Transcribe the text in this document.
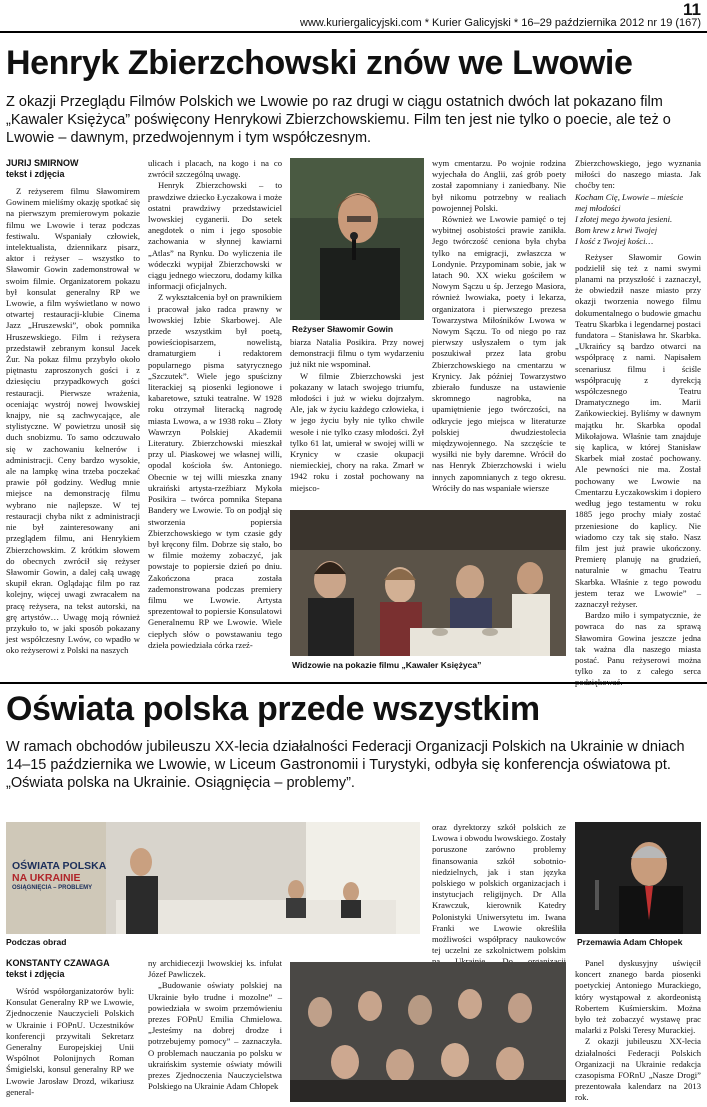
11
www.kuriergalicyjski.com * Kurier Galicyjski * 16–29 października 2012 nr 19 (167)
Henryk Zbierzchowski znów we Lwowie
Z okazji Przeglądu Filmów Polskich we Lwowie po raz drugi w ciągu ostatnich dwóch lat pokazano film „Kawaler Księżyca” poświęcony Henrykowi Zbierzchowskiemu. Film ten jest nie tylko o poecie, ale też o Lwowie – dawnym, przedwojennym i tym współczesnym.
JURIJ SMIRNOW
tekst i zdjęcia

Z reżyserem filmu Sławomirem Gowinem mieliśmy okazję spotkać się na pierwszym premierowym pokazie filmu we Lwowie i teraz podczas festiwalu. Wspaniały człowiek, intelektualista, dziennikarz pisarz, aktor i reżyser – wszystko to Sławomir Gowin zademonstrował w swoim filmie. Organizatorem pokazu był konsulat generalny RP we Lwowie, a film wyświetlano w nowo otwartej restauracji-klubie Cinema Jazz „Hruszewski”, obok pomnika Hruszewskiego. Film i reżysera przedstawił zebranym konsul Jacek Żur. Na pokaz filmu przybyło około piętnastu zaproszonych gości i z dziesięciu przypadkowych gości restauracji. Pierwsze wrażenia, oceniając wystrój nowej lwowskiej knajpy, nie są zachwycające, ale stylistyczne. W powietrzu unosił się duch snobizmu. To samo odczuwało się w zachowaniu kelnerów i administracji. Ceny bardzo wysokie, ale na lampkę wina trzeba poczekać prawie pół godziny. Według mnie miejsce na demonstrację filmu wybrano nie najlepsze. W tej restauracji chyba nikt z administracji nie był zainteresowany ani przeglądem filmu, ani Henrykiem Zbierzchowskim. Z krótkim słowem do obecnych zwrócił się reżyser Sławomir Gowin, a dalej całą uwagę skupił ekran. Oglądając film po raz kolejny, więcej uwagi zwracałem na pracę reżysera, na tekst autorski, na grę artystów… Uwagę moją również przykuło to, w jaki sposób pokazany jest współczesny Lwów, co wpadło w oko reżyserowi z Polski na naszych

ulicach i placach, na kogo i na co zwrócił szczególną uwagę.

Henryk Zbierzchowski – to prawdziwe dziecko Łyczakowa i może ostatni prawdziwy przedstawiciel lwowskiej cyganerii. Do setek anegdotek o nim i jego sposobie zachowania w słynnej kawiarni „Atlas” na Rynku. Do wyliczenia ile wódeczki wypijał Zbierzchowski w ciągu jednego wieczoru, dodamy kilka informacji oficjalnych.

Z wykształcenia był on prawnikiem i pracował jako radca prawny w lwowskiej Izbie Skarbowej. Ale przede wszystkim był poetą, powieściopisarzem, nowelistą, dramaturgiem i redaktorem popularnego pisma satyrycznego „Szczutek”. Wiele jego spuścizny literackiej są piosenki legionowe i kabaretowe, sztuki teatralne. W 1928 roku otrzymał literacką nagrodę miasta Lwowa, a w 1938 roku – Złoty Wawrzyn Polskiej Akademii Literatury. Zbierzchowski mieszkał przy ul. Piaskowej we własnej willi, opodal kościoła św. Antoniego. Obecnie w tej willi mieszka znany ukraiński artysta-rzeźbiarz Mykoła Posikira – twórca pomnika Stepana Bandery we Lwowie. To on podjął się stworzenia popiersia Zbierzchowskiego w tym czasie gdy był kręcony film. Dobrze się stało, bo w filmie możemy zobaczyć, jak powstaje to popiersie dzień po dniu. Zakończona praca została zademonstrowana podczas premiery filmu we Lwowie. Artysta sprezentował to popiersie Konsulatowi Generalnemu RP we Lwowie. Wiele ciepłych słów o powstawaniu tego dzieła powiedziała córka rzeź-

Reżyser Sławomir Gowin

biarza Natalia Posikira. Przy nowej demonstracji filmu o tym wydarzeniu już nikt nie wspominał.

W filmie Zbierzchowski jest pokazany w latach swojego triumfu, młodości i już w wieku dojrzałym. Ale, jak w życiu każdego człowieka, i w jego życiu były nie tylko chwile wesołe i nie tylko czasy młodości. Żył tylko 61 lat, umierał w swojej willi w Krynicy w czasie okupacji niemieckiej, chory na raka. Zmarł w 1942 roku i został pochowany na miejsco-

wym cmentarzu. Po wojnie rodzina wyjechała do Anglii, zaś grób poety został zapomniany i zaniedbany. Nie był nikomu potrzebny w realiach powojennej Polski.

Również we Lwowie pamięć o tej wybitnej osobistości prawie zanikła. Jego twórczość ceniona była chyba tylko na emigracji, zwłaszcza w Londynie. Przypominam sobie, jak w latach 90. XX wieku gościłem w Nowym Sączu u śp. Jerzego Masiora, również lwowiaka, poety i lekarza, organizatora i pierwszego prezesa Towarzystwa Miłośników Lwowa w Nowym Sączu. To od niego po raz pierwszy usłyszałem o tym jak poszukiwał przez lata grobu Zbierzchowskiego na cmentarzu w Krynicy. Jak później Towarzystwo zbierało fundusze na ustawienie skromnego nagrobka, na upamiętnienie jego twórczości, na odkrycie jego miejsca w literaturze polskiej dwudziestolecia międzywojennego. Na szczęście te wysiłki nie były daremne. Wrócił do nas Henryk Zbierzchowski i wielu innych zapomnianych z tego okresu. Wróciły do nas wspaniałe wiersze

Widzowie na pokazie filmu „Kawaler Księżyca”

Zbierzchowskiego, jego wyznania miłości do naszego miasta. Jak choćby ten:

Kocham Cię, Lwowie – mieście

mej młodości

I złotej mego żywota jesieni.

Bom krew z krwi Twojej

I kość z Twojej kości…

Reżyser Sławomir Gowin podzielił się też z nami swymi planami na przyszłość i zaznaczył, że obwiedził nasze miasto przy okazji tworzenia nowego filmu dokumentalnego o budowie gmachu Teatru Skarbka i legendarnej postaci fundatora – Stanisława hr. Skarbka. „Ukraińcy są bardzo otwarci na współpracę z nami. Napisałem scenariusz filmu i ściśle współpracuję z dyrekcją współczesnego Teatru Dramatycznego im. Marii Zańkowieckiej. Byliśmy w dawnym majątku hr. Skarbka opodal Mikołajowa. Właśnie tam znajduje się kaplica, w której Stanisław Skarbek miał zostać pochowany. Ale pewności nie ma. Został pochowany we Lwowie na Cmentarzu Łyczakowskim i dopiero według jego testamentu w roku 1885 jego prochy miały zostać przeniesione do kaplicy. Nie wiadomo czy tak się stało. Nasz film jest już prawie ukończony. Premierę planuję na grudzień, naturalnie w gmachu Teatru Skarbka. Właśnie z tego powodu jestem teraz we Lwowie” – zaznaczył reżyser.

Bardzo miło i sympatycznie, że powraca do nas za sprawą Sławomira Gowina jeszcze jedna tak ważna dla naszego miasta postać. Panu reżyserowi można tylko za to z całego serca

Oświata polska przede wszystkim
W ramach obchodów jubileuszu XX-lecia działalności Federacji Organizacji Polskich na Ukrainie w dniach 14–15 października we Lwowie, w Liceum Gastronomii i Turystyki, odbyła się konferencja oświatowa pt. „Oświata polska na Ukrainie. Osiągnięcia – problemy”.
OŚWIATA POLSKA
NA UKRAINIE
OSIĄGNIĘCIA – PROBLEMY
Podczas obrad

oraz dyrektorzy szkół polskich ze Lwowa i obwodu lwowskiego. Zostały poruszone zarówno problemy finansowania szkół sobotnio-niedzielnych, jak i stan języka polskiego w polskich organizacjach i instytucjach religijnych. Dr Alla Krawczuk, kierownik Katedry Polonistyki Uniwersytetu im. Iwana Franki we Lwowie określiła możliwości współpracy naukowców tej uczelni ze szkolnictwem polskim

Przemawia Adam Chłopek
KONSTANTY CZAWAGA
tekst i zdjęcia

Wśród współorganizatorów byli: Konsulat Generalny RP we Lwowie, Zjednoczenie Nauczycieli Polskich w Ukrainie i FOPnU. Uczestników konferencji przywitali Sekretarz Generalny Europejskiej Unii Wspólnot Polonijnych Roman Śmigielski, konsul generalny RP we Lwowie Jarosław Drozd, wikariusz general-

ny archidiecezji lwowskiej ks. infułat Józef Pawliczek.

„Budowanie oświaty polskiej na Ukrainie było trudne i mozolne” – powiedziała w swoim przemówieniu prezes FOPnU Emilia Chmielowa. „Jesteśmy na dobrej drodze i potrzebujemy pomocy” – zaznaczyła. O problemach nauczania po polsku w ukraińskim systemie oświaty mówili prezes Zjednoczenia Nauczycielstwa Polskiego na Ukrainie Adam Chłopek

Panel dyskusyjny uświęcił koncert znanego barda piosenki poetyckiej Antoniego Murackiego, który wystąpował z akordeonistą Robertem Kuśmierskim. Można było też zobaczyć wystawę prac malarki z Polski Teresy Murackiej.

Z okazji jubileuszu XX-lecia działalności Federacji Polskich Organizacji na Ukrainie redakcja czasopisma FORnU „Nasze Drogi” prezentowała kalendarz na 2013 rok.
